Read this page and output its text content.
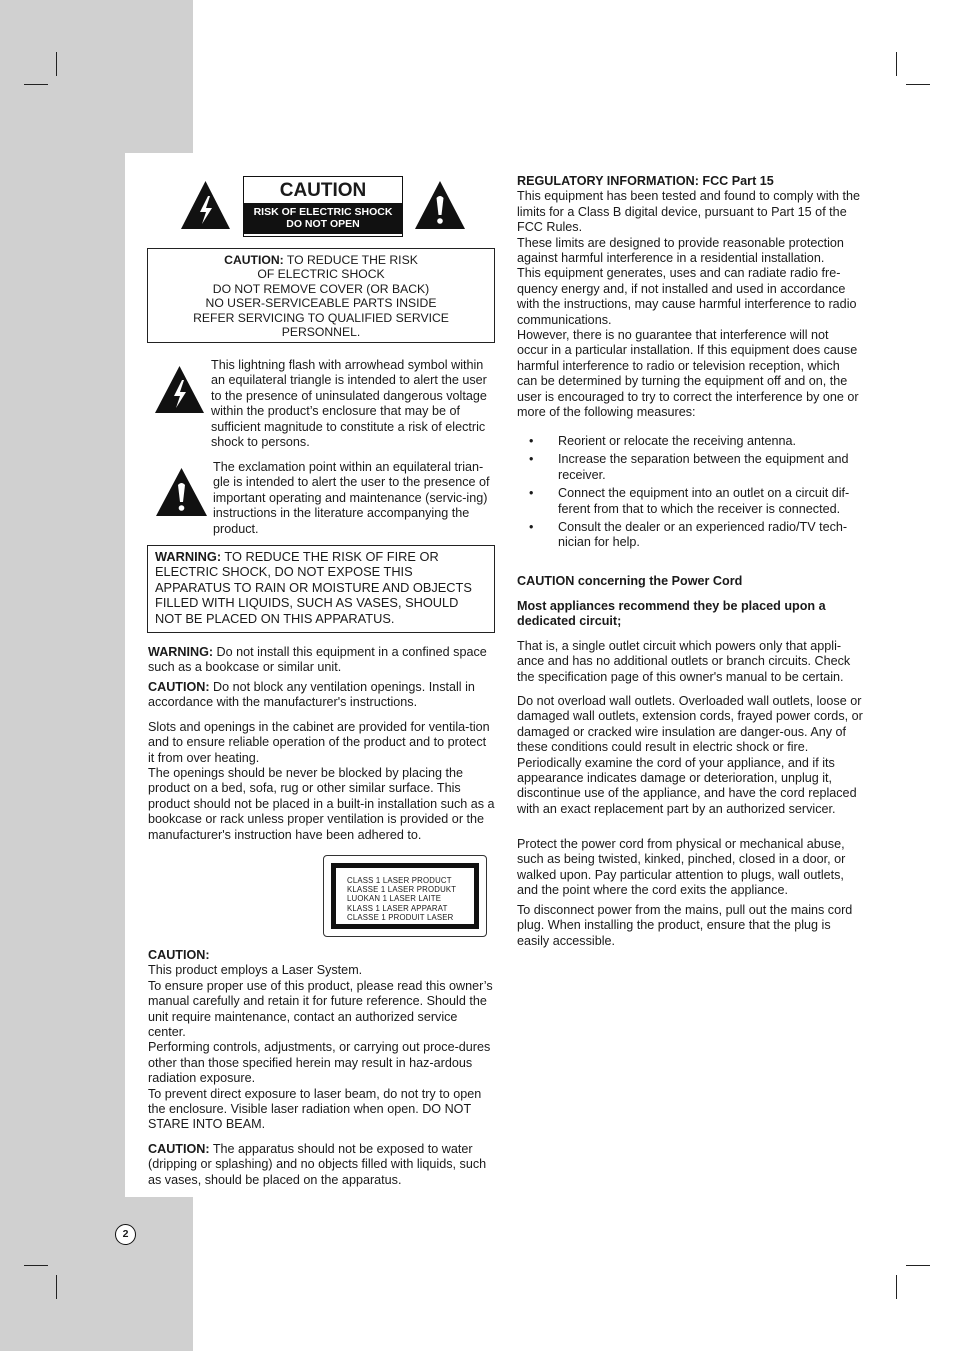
CAUTION
RISK OF ELECTRIC SHOCK
DO NOT OPEN
CAUTION: TO REDUCE THE RISK
OF ELECTRIC SHOCK
DO NOT REMOVE COVER (OR BACK)
NO USER-SERVICEABLE PARTS INSIDE
REFER SERVICING TO QUALIFIED SERVICE
PERSONNEL.

This lightning flash with arrowhead symbol within an equilateral triangle is intended to alert the user to the presence of uninsulated dangerous voltage within the product’s enclosure that may be of sufficient magnitude to constitute a risk of electric shock to persons.

The exclamation point within an equilateral trian-gle is intended to alert the user to the presence of important operating and maintenance (servic-ing) instructions in the literature accompanying the product.

WARNING: TO REDUCE THE RISK OF FIRE OR ELECTRIC SHOCK, DO NOT EXPOSE THIS APPARATUS TO RAIN OR MOISTURE AND OBJECTS FILLED WITH LIQUIDS, SUCH AS VASES, SHOULD NOT BE PLACED ON THIS APPARATUS.

WARNING: Do not install this equipment in a confined space such as a bookcase or similar unit.

CAUTION: Do not block any ventilation openings. Install in accordance with the manufacturer's instructions.

Slots and openings in the cabinet are provided for ventila-tion and to ensure reliable operation of the product and to protect it from over heating.

The openings should be never be blocked by placing the product on a bed, sofa, rug or other similar surface. This product should not be placed in a built-in installation such as a bookcase or rack unless proper ventilation is provided or the manufacturer's instruction have been adhered to.

CLASS 1 LASER PRODUCT
KLASSE 1 LASER PRODUKT
LUOKAN 1 LASER LAITE
KLASS 1 LASER APPARAT
CLASSE 1 PRODUIT LASER
CAUTION:
This product employs a Laser System.
To ensure proper use of this product, please read this owner’s manual carefully and retain it for future reference. Should the unit require maintenance, contact an authorized service center.
Performing controls, adjustments, or carrying out proce-dures other than those specified herein may result in haz-ardous radiation exposure.
To prevent direct exposure to laser beam, do not try to open the enclosure. Visible laser radiation when open. DO NOT STARE INTO BEAM.

CAUTION: The apparatus should not be exposed to water (dripping or splashing) and no objects filled with liquids, such as vases, should be placed on the apparatus.

REGULATORY INFORMATION: FCC Part 15
This equipment has been tested and found to comply with the limits for a Class B digital device, pursuant to Part 15 of the FCC Rules.
These limits are designed to provide reasonable protection against harmful interference in a residential installation.
This equipment generates, uses and can radiate radio fre-quency energy and, if not installed and used in accordance with the instructions, may cause harmful interference to radio communications.
However, there is no guarantee that interference will not occur in a particular installation. If this equipment does cause harmful interference to radio or television reception, which can be determined by turning the equipment off and on, the user is encouraged to try to correct the interference by one or more of the following measures:
• Reorient or relocate the receiving antenna.
• Increase the separation between the equipment and receiver.
• Connect the equipment into an outlet on a circuit dif-ferent from that to which the receiver is connected.
• Consult the dealer or an experienced radio/TV tech-nician for help.

CAUTION concerning the Power Cord

Most appliances recommend they be placed upon a dedicated circuit;

That is, a single outlet circuit which powers only that appli-ance and has no additional outlets or branch circuits. Check the specification page of this owner's manual to be certain.

Do not overload wall outlets. Overloaded wall outlets, loose or damaged wall outlets, extension cords, frayed power cords, or damaged or cracked wire insulation are danger-ous. Any of these conditions could result in electric shock or fire. Periodically examine the cord of your appliance, and if its appearance indicates damage or deterioration, unplug it, discontinue use of the appliance, and have the cord replaced with an exact replacement part by an authorized servicer.

Protect the power cord from physical or mechanical abuse, such as being twisted, kinked, pinched, closed in a door, or walked upon. Pay particular attention to plugs, wall outlets, and the point where the cord exits the appliance.

To disconnect power from the mains, pull out the mains cord plug. When installing the product, ensure that the plug is easily accessible.

2
